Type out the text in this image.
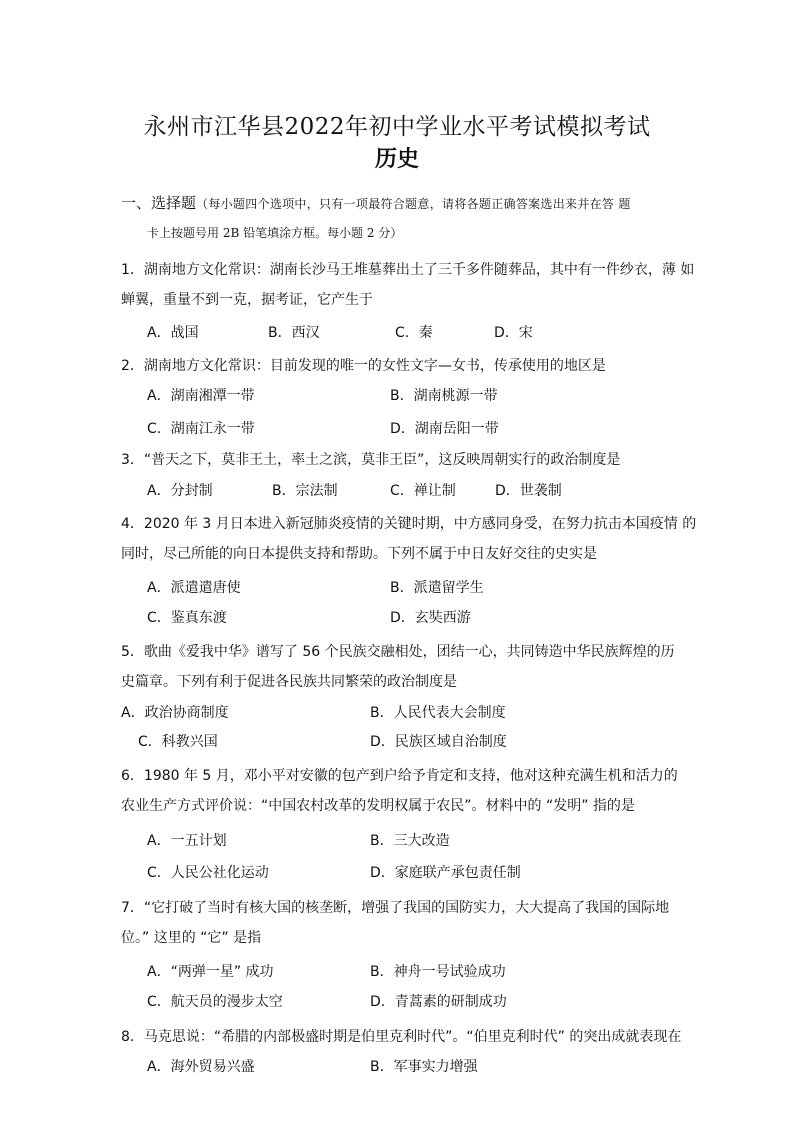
永州市江华县2022年初中学业水平考试模拟考试
历史
一、选择题（每小题四个选项中，只有一项最符合题意，请将各题正确答案选出来并在答 题
卡上按题号用 2B 铅笔填涂方框。每小题 2 分）
1．湖南地方文化常识：湖南长沙马王堆墓葬出土了三千多件随葬品，其中有一件纱衣，薄 如
蝉翼，重量不到一克，据考证，它产生于
A．战国	B．西汉	C．秦	D．宋
2．湖南地方文化常识：目前发现的唯一的女性文字—女书，传承使用的地区是
A．湖南湘潭一带	B．湖南桃源一带
C．湖南江永一带	D．湖南岳阳一带
3．“普天之下，莫非王土，率土之滨，莫非王臣”，这反映周朝实行的政治制度是
A．分封制	B．宗法制	C．禅让制	D．世袭制
4．2020 年 3 月日本进入新冠肺炎疫情的关键时期，中方感同身受，在努力抗击本国疫情 的
同时，尽己所能的向日本提供支持和帮助。下列不属于中日友好交往的史实是
A．派遣遣唐使	B．派遣留学生
C．鉴真东渡	D．玄奘西游
5．歌曲《爱我中华》谱写了 56 个民族交融相处，团结一心，共同铸造中华民族辉煌的历
史篇章。下列有利于促进各民族共同繁荣的政治制度是
A．政治协商制度	B．人民代表大会制度
C．科教兴国	D．民族区域自治制度
6．1980 年 5 月，邓小平对安徽的包产到户给予肯定和支持，他对这种充满生机和活力的
农业生产方式评价说：“中国农村改革的发明权属于农民”。材料中的 “发明” 指的是
A．一五计划	B．三大改造
C．人民公社化运动	D．家庭联产承包责任制
7．“它打破了当时有核大国的核垄断，增强了我国的国防实力，大大提高了我国的国际地
位。” 这里的 “它” 是指
A．“两弹一星” 成功	B．神舟一号试验成功
C．航天员的漫步太空	D．青蒿素的研制成功
8．马克思说：“希腊的内部极盛时期是伯里克利时代”。“伯里克利时代” 的突出成就表现在
A．海外贸易兴盛	B．军事实力增强
